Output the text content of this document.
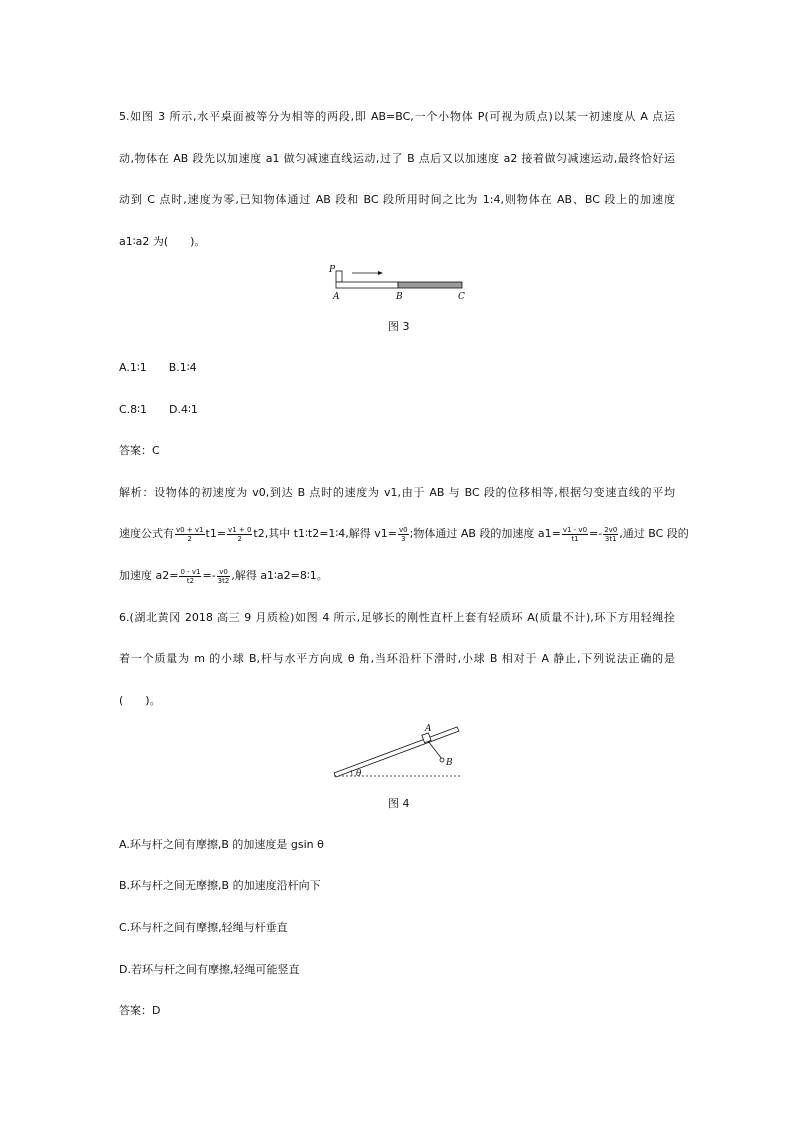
5.如图 3 所示,水平桌面被等分为相等的两段,即 AB=BC,一个小物体 P(可视为质点)以某一初速度从 A 点运
动,物体在 AB 段先以加速度 a1 做匀减速直线运动,过了 B 点后又以加速度 a2 接着做匀减速运动,最终恰好运
动到 C 点时,速度为零,已知物体通过 AB 段和 BC 段所用时间之比为 1:4,则物体在 AB、BC 段上的加速度
a1∶a2 为(　　)。
P
A	B	C
图 3
A.1∶1　　B.1∶4
C.8∶1　　D.4∶1
答案：C
解析：设物体的初速度为 v0,到达 B 点时的速度为 v1,由于 AB 与 BC 段的位移相等,根据匀变速直线的平均
速度公式有 $\frac{v0 + v1}{2} t1= \frac{v1 + 0}{2} t2$,其中 t1∶t2=1∶4,解得 $v1= \frac{v0}{3}$ ;物体通过 AB 段的加速度 $a1= \frac{v1 - v0}{t1} =- \frac{2v0}{3t1}$ ,通过 BC 段的
加速度 $a2= \frac{0 - v1}{t2} =- \frac{v0}{3t2}$ ,解得 a1∶a2=8∶1。
6.(湖北黄冈 2018 高三 9 月质检)如图 4 所示,足够长的刚性直杆上套有轻质环 A(质量不计),环下方用轻绳拴
着一个质量为 m 的小球 B,杆与水平方向成 θ 角,当环沿杆下滑时,小球 B 相对于 A 静止,下列说法正确的是
(　　)。
θ
A
B
图 4
A.环与杆之间有摩擦,B 的加速度是 gsin θ
B.环与杆之间无摩擦,B 的加速度沿杆向下
C.环与杆之间有摩擦,轻绳与杆垂直
D.若环与杆之间有摩擦,轻绳可能竖直
答案：D
